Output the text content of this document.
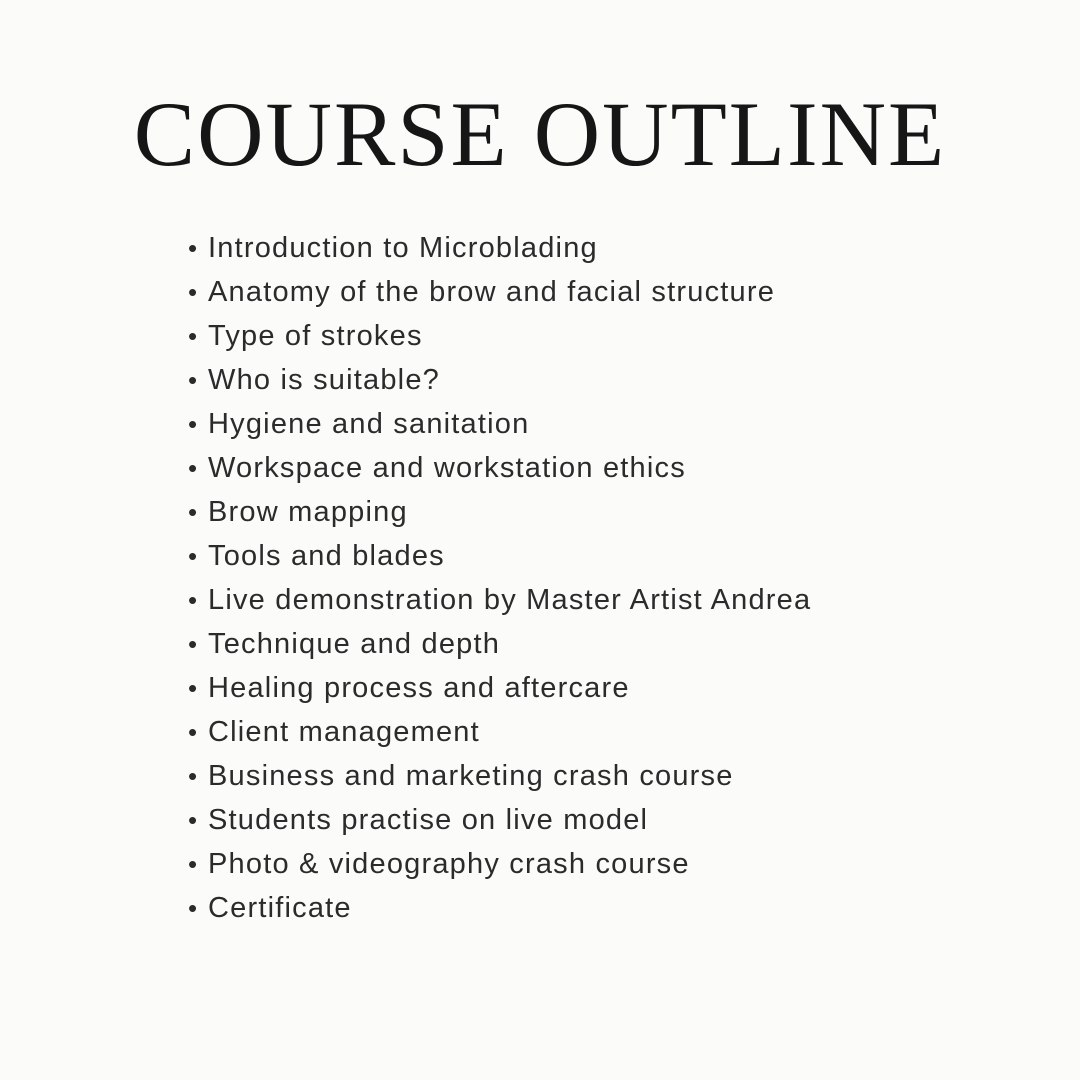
COURSE OUTLINE
• Introduction to Microblading
• Anatomy of the brow and facial structure
• Type of strokes
• Who is suitable?
• Hygiene and sanitation
• Workspace and workstation ethics
• Brow mapping
• Tools and blades
• Live demonstration by Master Artist Andrea
• Technique and depth
• Healing process and aftercare
• Client management
• Business and marketing crash course
• Students practise on live model
• Photo & videography crash course
• Certificate
